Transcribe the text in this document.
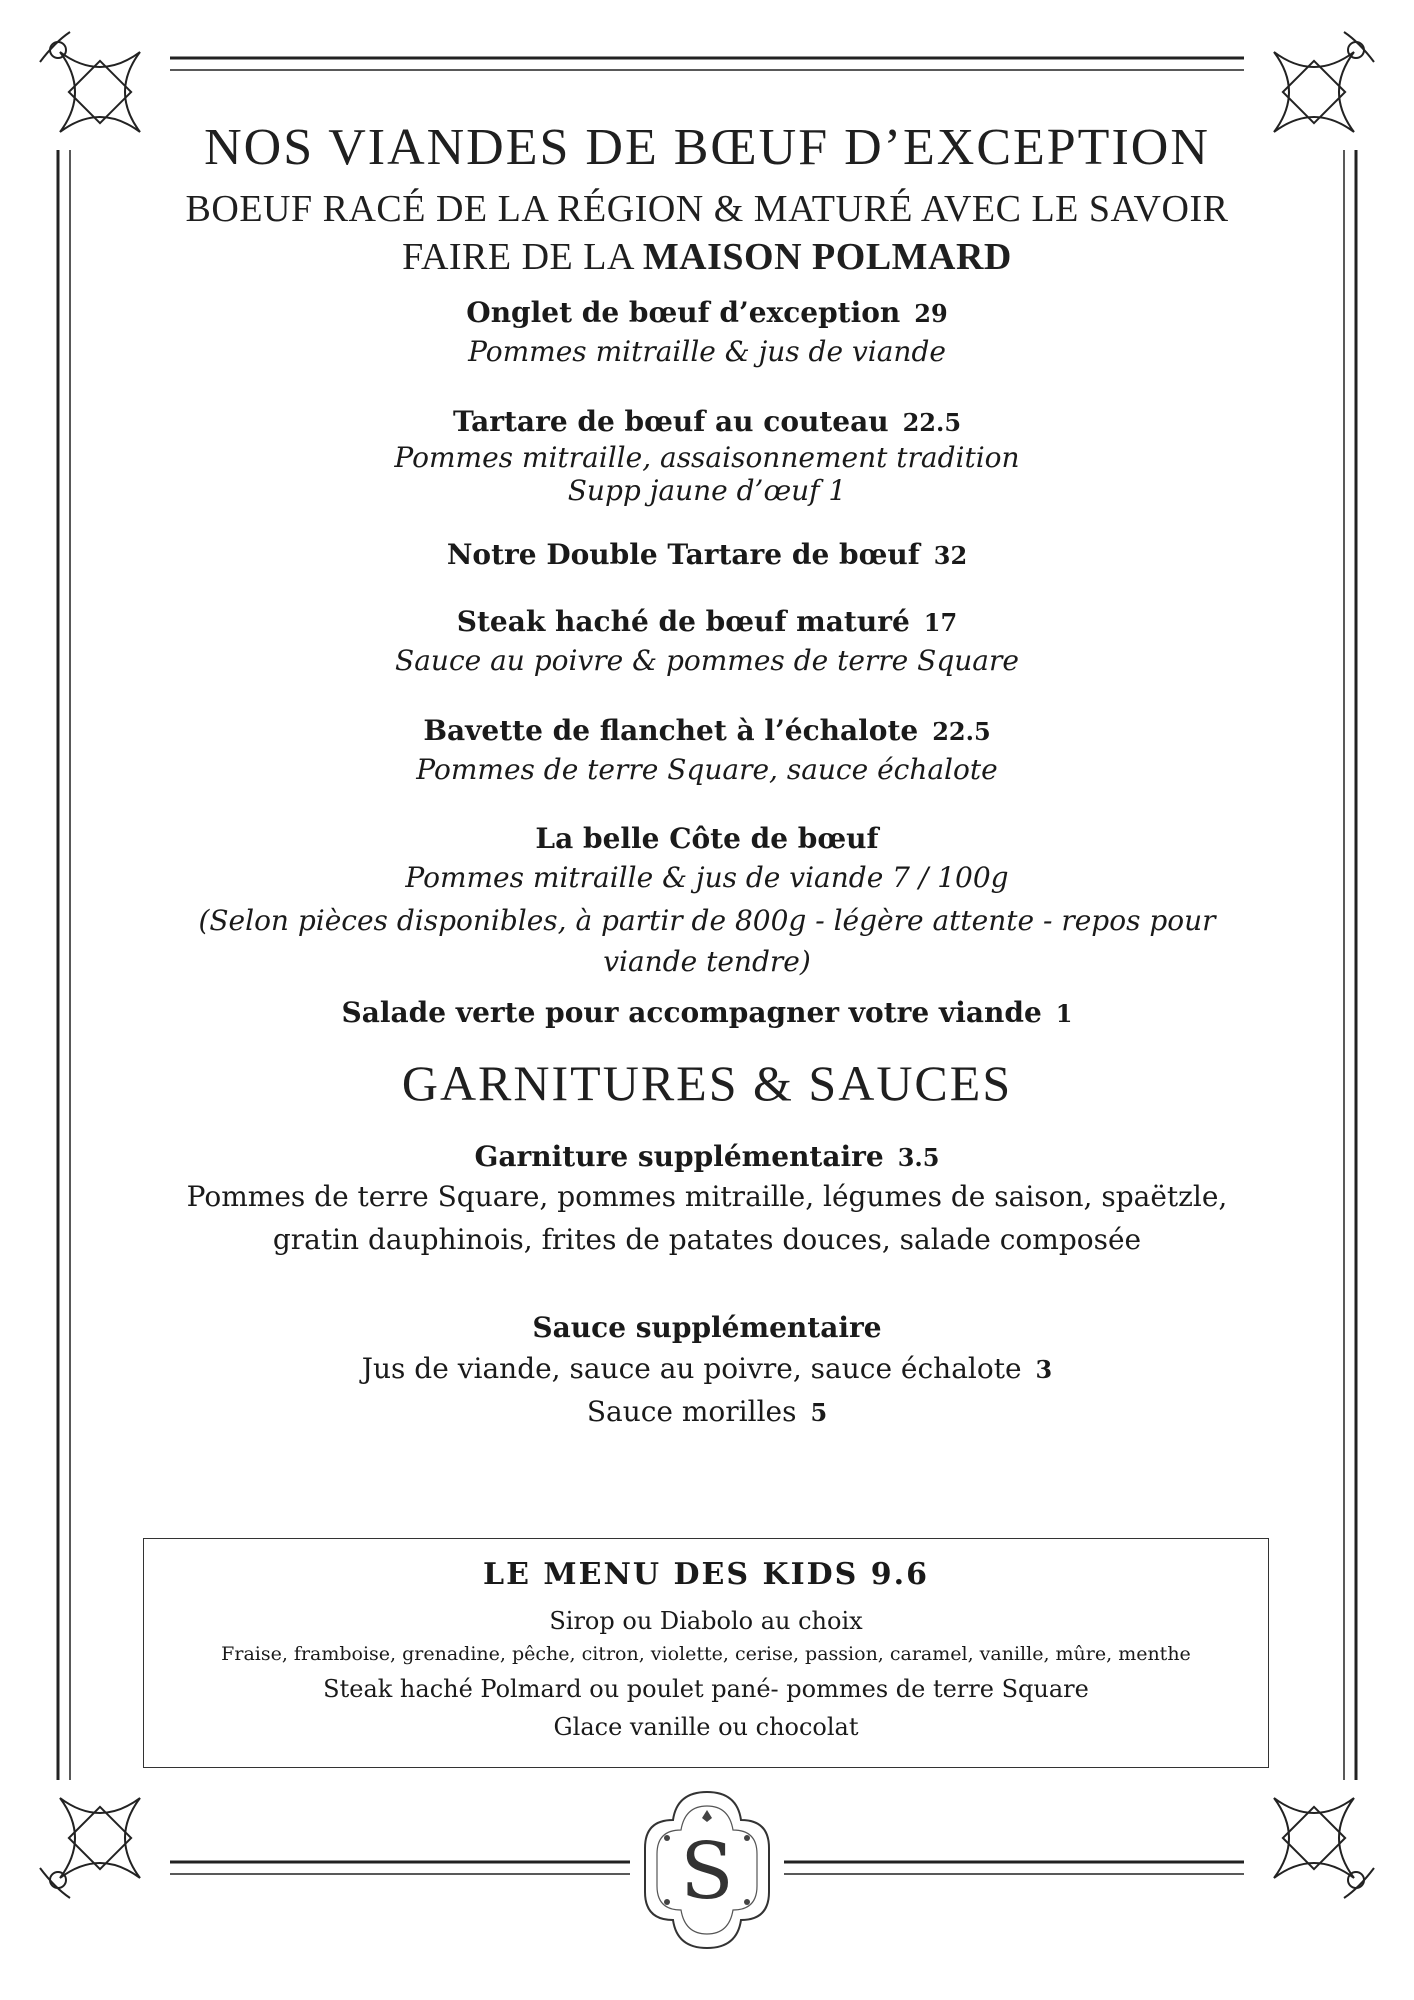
S
NOS VIANDES DE BŒUF D’EXCEPTION
BOEUF RACÉ DE LA RÉGION & MATURÉ AVEC LE SAVOIR
FAIRE DE LA MAISON POLMARD
Onglet de bœuf d’exception 29
Pommes mitraille & jus de viande
Tartare de bœuf au couteau 22.5
Pommes mitraille, assaisonnement tradition
Supp jaune d’œuf 1
Notre Double Tartare de bœuf 32
Steak haché de bœuf maturé 17
Sauce au poivre & pommes de terre Square
Bavette de flanchet à l’échalote 22.5
Pommes de terre Square, sauce échalote
La belle Côte de bœuf
Pommes mitraille & jus de viande 7 / 100g
(Selon pièces disponibles, à partir de 800g - légère attente - repos pour
viande tendre)
Salade verte pour accompagner votre viande 1
GARNITURES & SAUCES
Garniture supplémentaire 3.5
Pommes de terre Square, pommes mitraille, légumes de saison, spaëtzle,
gratin dauphinois, frites de patates douces, salade composée
Sauce supplémentaire
Jus de viande, sauce au poivre, sauce échalote 3
Sauce morilles 5
LE MENU DES KIDS 9.6
Sirop ou Diabolo au choix
Fraise, framboise, grenadine, pêche, citron, violette, cerise, passion, caramel, vanille, mûre, menthe
Steak haché Polmard ou poulet pané- pommes de terre Square
Glace vanille ou chocolat
